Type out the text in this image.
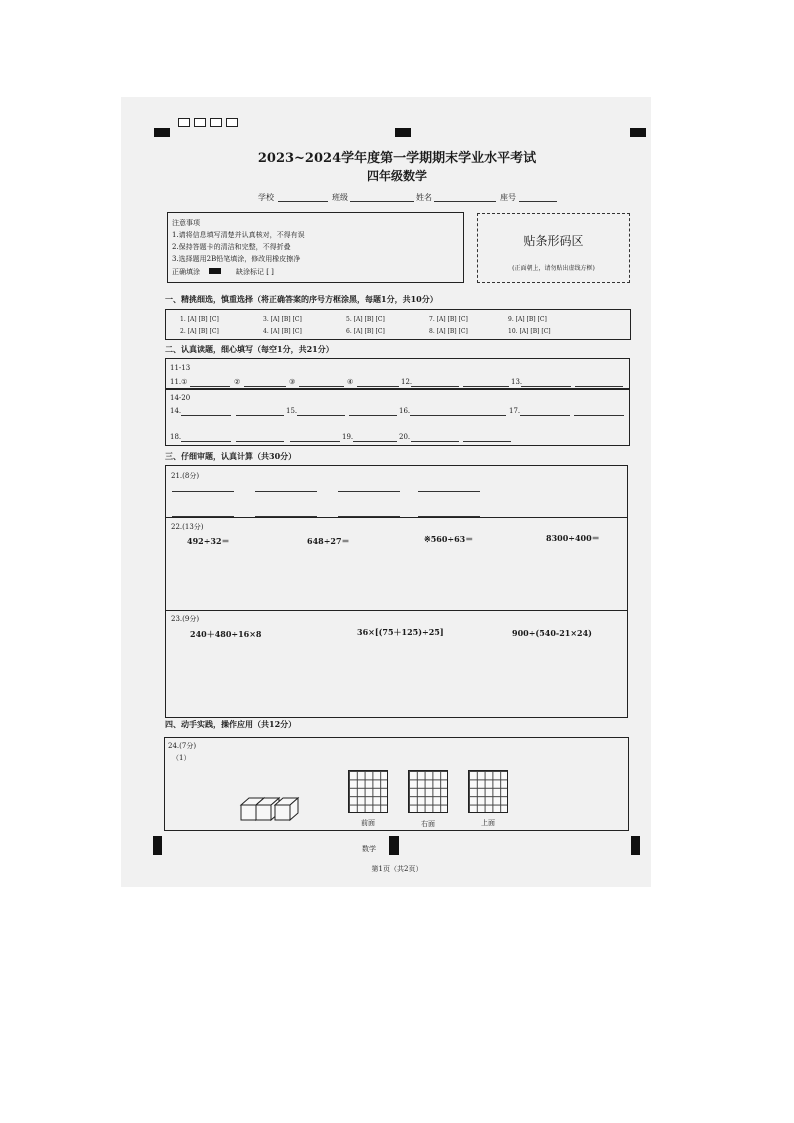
2023~2024学年度第一学期期末学业水平考试
四年级数学
学校	班级	姓名	座号
注意事项
1.请将信息填写清楚并认真核对，不得有误
2.保持答题卡的清洁和完整，不得折叠
3.选择题用2B铅笔填涂，修改用橡皮擦净
正确填涂	缺涂标记 [ ]
贴条形码区
(正面朝上，请勿贴出虚线方框)
一、精挑细选，慎重选择（将正确答案的序号方框涂黑，每题1分，共10分）
1. [A] [B] [C]	3. [A] [B] [C]	5. [A] [B] [C]	7. [A] [B] [C]	9. [A] [B] [C]
2. [A] [B] [C]	4. [A] [B] [C]	6. [A] [B] [C]	8. [A] [B] [C]	10. [A] [B] [C]
二、认真读题，细心填写（每空1分，共21分）
11-13
11.①	②	③	④	12.	13.
14-20
14.	15.	16.	17.
18.	19.	20.
三、仔细审题，认真计算（共30分）
21.(8分)
22.(13分)
492÷32＝	648÷27＝	※560÷63＝	8300÷400＝
23.(9分)
240＋480÷16×8	36×[(75＋125)÷25]	900÷(540-21×24)
四、动手实践，操作应用（共12分）
24.(7分)
（1）
前面	右面	上面
数学
第1页（共2页）
